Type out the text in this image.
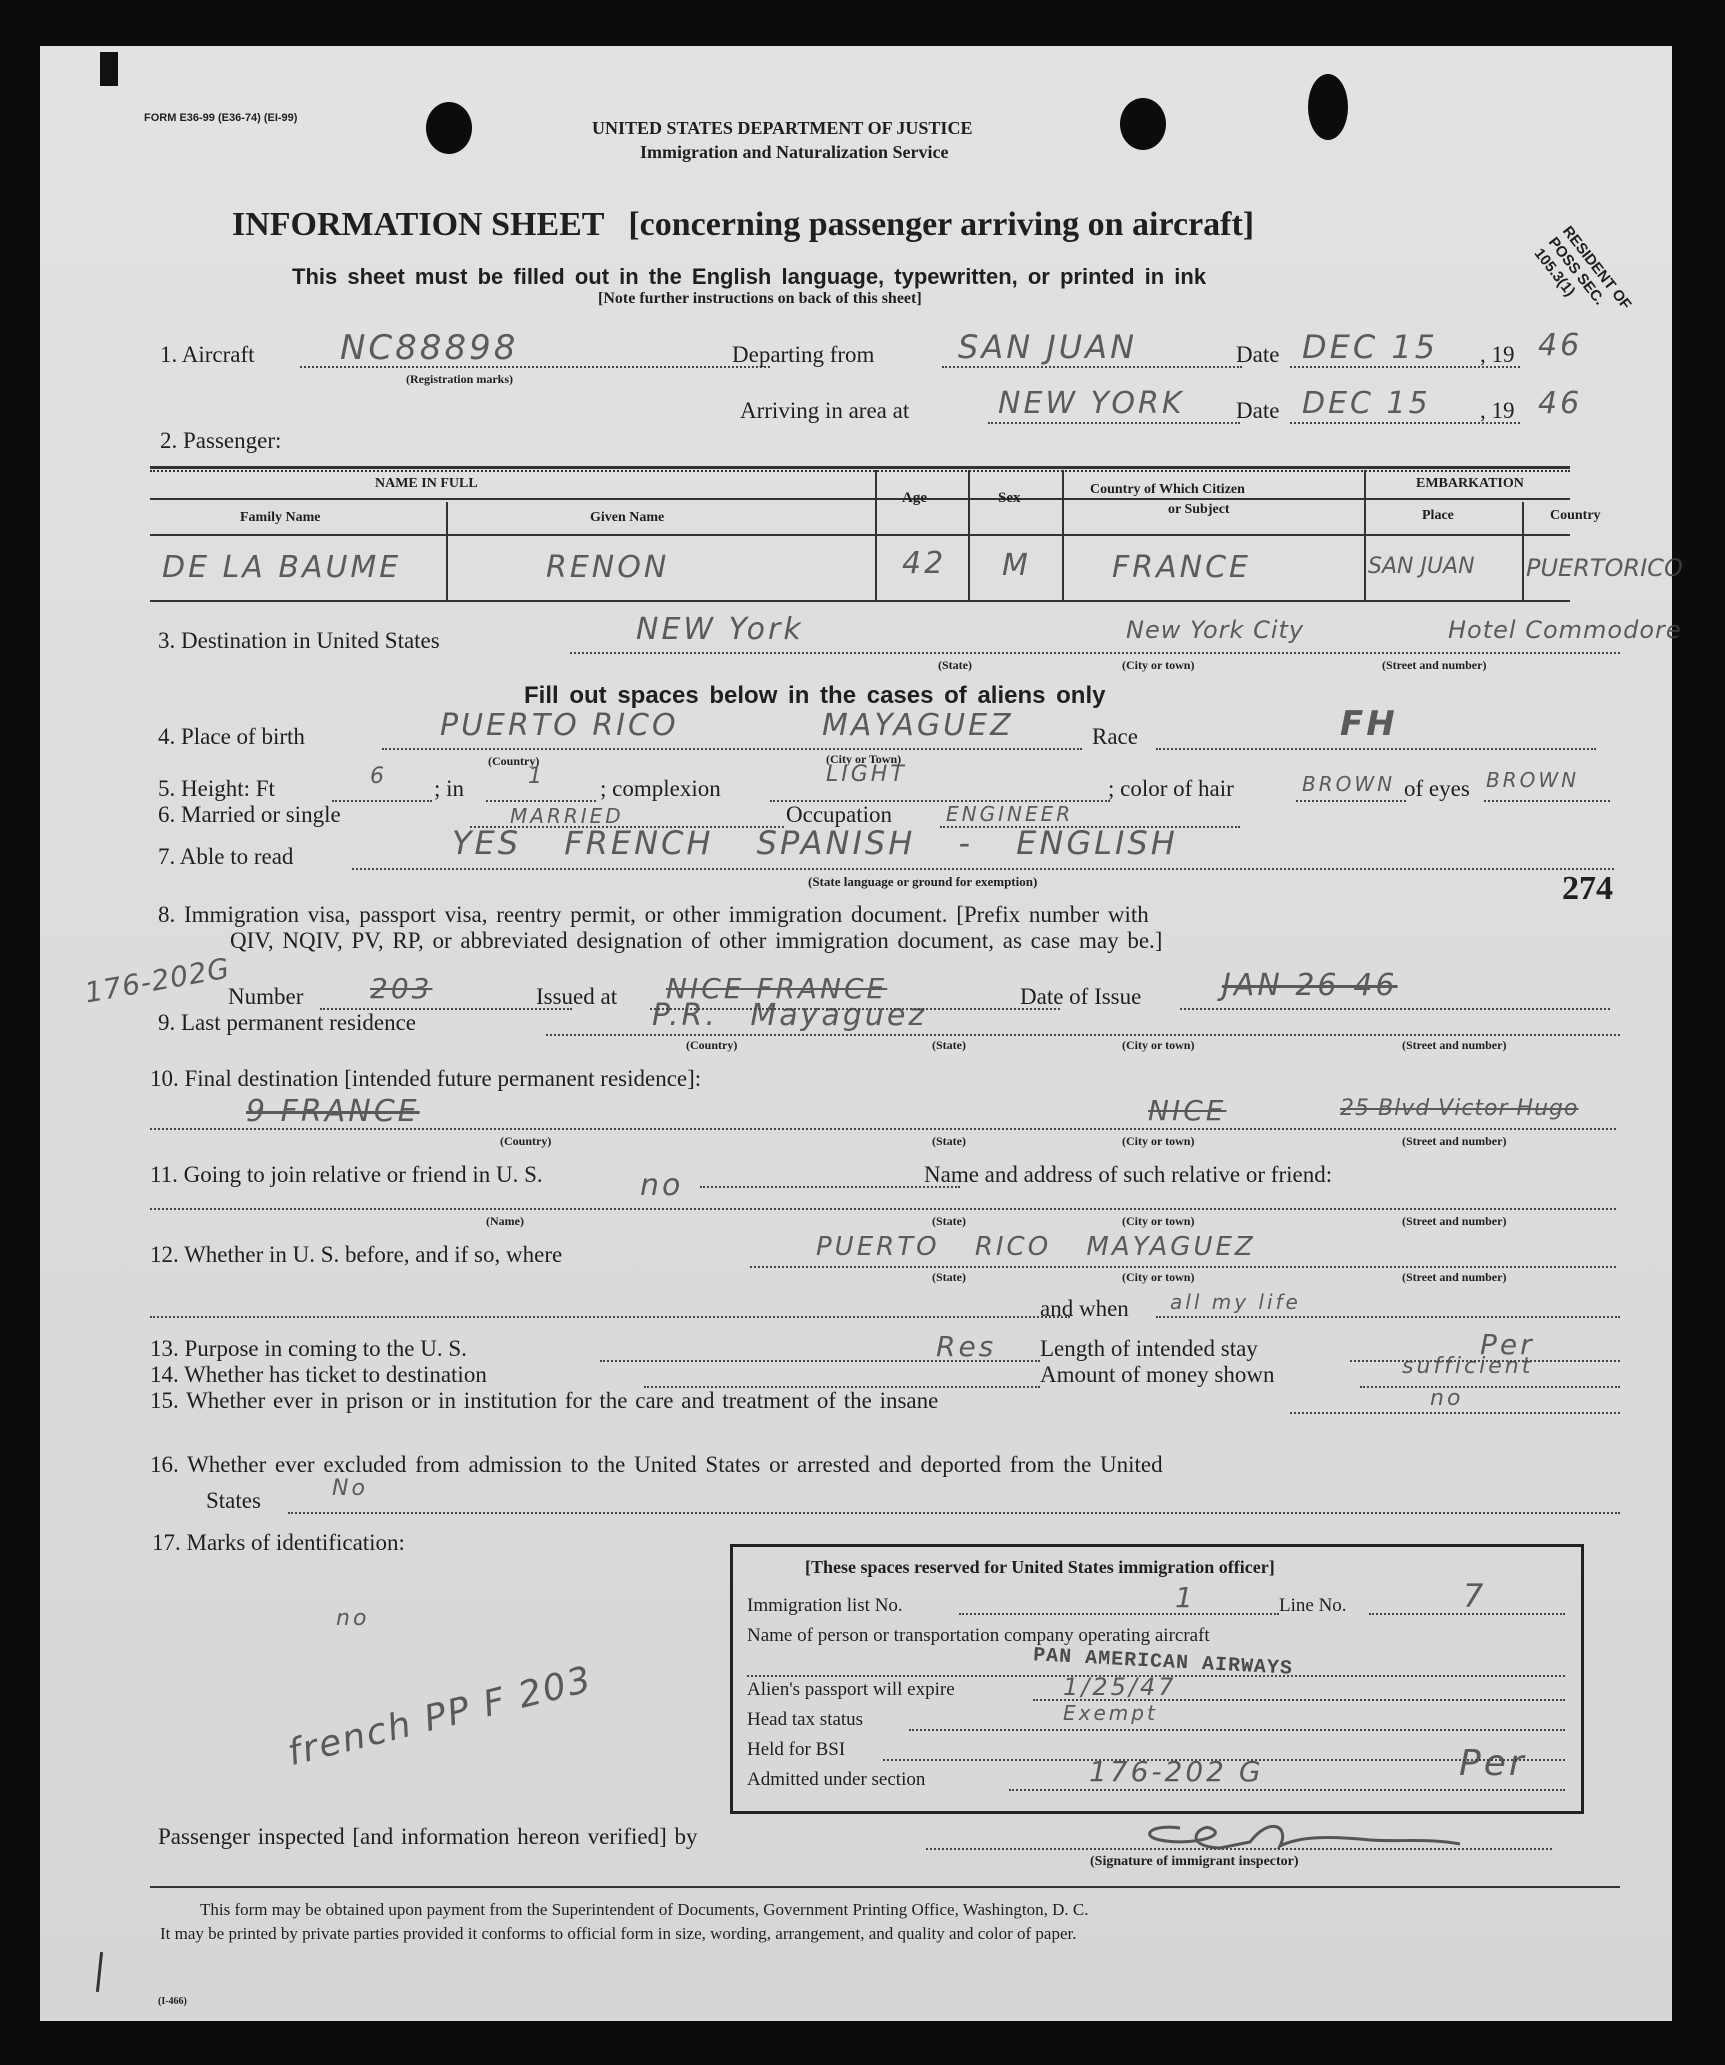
FORM E36-99 (E36-74) (EI-99)	UNITED STATES DEPARTMENT OF JUSTICE
Immigration and Naturalization Service
INFORMATION SHEET [concerning passenger arriving on aircraft]
This sheet must be filled out in the English language, typewritten, or printed in ink
[Note further instructions on back of this sheet]	RESIDENT OF POSS SEC. 105.3(1)
1. Aircraft	NC88898
(Registration marks)
Departing from	SAN JUAN	Date DEC 15 , 19 46
Arriving in area at	NEW YORK Date DEC 15 , 19 46
2. Passenger:
NAME IN FULL
Family Name	Given Name
Age	Sex
Country of Which Citizen
or Subject
EMBARKATION
Place	Country
DE LA BAUME	RENON	42 M	FRANCE	SAN JUAN PUERTORICO
3. Destination in United States	NEW York	New York City	Hotel Commodore
(State)	(City or town)	(Street and number)
Fill out spaces below in the cases of aliens only
4. Place of birth	PUERTO RICO	MAYAGUEZ
(Country)	(City or Town)
Race	FH
5. Height: Ft	6 ; in	1 ; complexion
LIGHT
; color of hair	BROWN of eyes BROWN
6. Married or single	MARRIED	Occupation	ENGINEER
7. Able to read	YES FRENCH SPANISH - ENGLISH
(State language or ground for exemption)	274
8. Immigration visa, passport visa, reentry permit, or other immigration document. [Prefix number with
QIV, NQIV, PV, RP, or abbreviated designation of other immigration document, as case may be.]
176-202G
Number 203	Issued at NICE FRANCE	Date of Issue	JAN 26-46
9. Last permanent residence	P.R. Mayaguez
(Country)	(State)	(City or town)	(Street and number)
10. Final destination [intended future permanent residence]:
9 FRANCE	NICE	25 Blvd Victor Hugo
(Country)	(State)	(City or town)	(Street and number)
11. Going to join relative or friend in U. S.	no	Name and address of such relative or friend:
(Name)	(State)	(City or town)	(Street and number)
12. Whether in U. S. before, and if so, where	PUERTO RICO MAYAGUEZ
(State)	(City or town)	(Street and number)
and when all my life
13. Purpose in coming to the U. S.	Res Length of intended stay	Per
14. Whether has ticket to destination	Amount of money shown	sufficient
15. Whether ever in prison or in institution for the care and treatment of the insane	no
16. Whether ever excluded from admission to the United States or arrested and deported from the United
States	No
17. Marks of identification:
no
french PP F 203
[These spaces reserved for United States immigration officer]
Immigration list No.	1	Line No.	7
Name of person or transportation company operating aircraft
PAN AMERICAN AIRWAYS
Alien's passport will expire	1/25/47
Head tax status	Exempt
Held for BSI
Admitted under section	176-202 G	Per
Passenger inspected [and information hereon verified] by
(Signature of immigrant inspector)
This form may be obtained upon payment from the Superintendent of Documents, Government Printing Office, Washington, D. C.
It may be printed by private parties provided it conforms to official form in size, wording, arrangement, and quality and color of paper.
(I-466)
